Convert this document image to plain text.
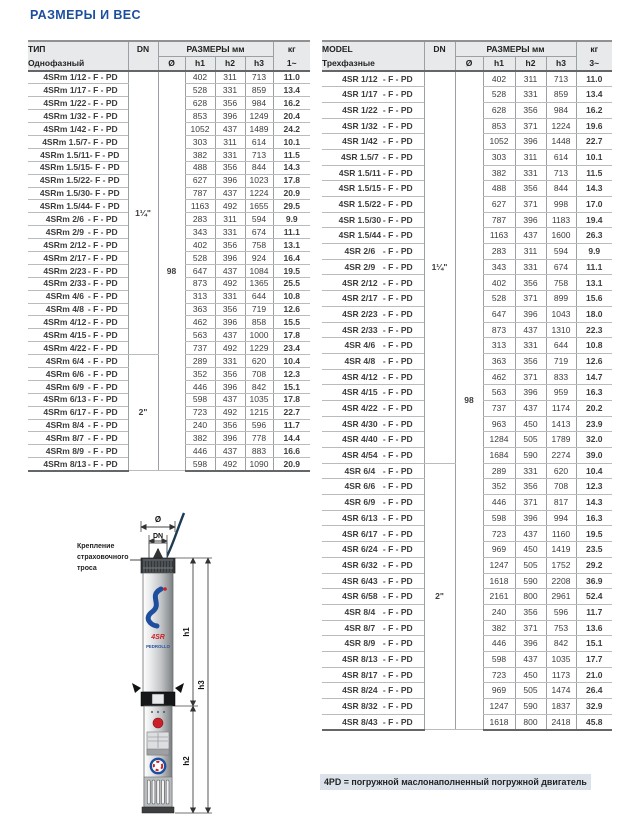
РАЗМЕРЫ И ВЕС
ТИП	DN	РАЗМЕРЫ мм				кг
Однофазный		Ø	h1	h2	h3	1~
4SRm 1/12 - F - PD	1¼"	98	402	311	713	11.0
4SRm 1/17 - F - PD			528	331	859	13.4
4SRm 1/22 - F - PD			628	356	984	16.2
4SRm 1/32 - F - PD			853	396	1249	20.4
4SRm 1/42 - F - PD			1052	437	1489	24.2
4SRm 1.5/7- F - PD			303	311	614	10.1
4SRm 1.5/11- F - PD			382	331	713	11.5
4SRm 1.5/15- F - PD			488	356	844	14.3
4SRm 1.5/22- F - PD			627	396	1023	17.8
4SRm 1.5/30- F - PD			787	437	1224	20.9
4SRm 1.5/44- F - PD			1163	492	1655	29.5
4SRm 2/6 - F - PD			283	311	594	9.9
4SRm 2/9 - F - PD			343	331	674	11.1
4SRm 2/12 - F - PD			402	356	758	13.1
4SRm 2/17 - F - PD			528	396	924	16.4
4SRm 2/23 - F - PD			647	437	1084	19.5
4SRm 2/33 - F - PD			873	492	1365	25.5
4SRm 4/6 - F - PD			313	331	644	10.8
4SRm 4/8 - F - PD			363	356	719	12.6
4SRm 4/12 - F - PD			462	396	858	15.5
4SRm 4/15 - F - PD			563	437	1000	17.8
4SRm 4/22 - F - PD			737	492	1229	23.4
4SRm 6/4 - F - PD	2"		289	331	620	10.4
4SRm 6/6 - F - PD			352	356	708	12.3
4SRm 6/9 - F - PD			446	396	842	15.1
4SRm 6/13 - F - PD			598	437	1035	17.8
4SRm 6/17 - F - PD			723	492	1215	22.7
4SRm 8/4 - F - PD			240	356	596	11.7
4SRm 8/7 - F - PD			382	396	778	14.4
4SRm 8/9 - F - PD			446	437	883	16.6
4SRm 8/13 - F - PD			598	492	1090	20.9
MODEL	DN	РАЗМЕРЫ мм				кг
Трехфазные		Ø	h1	h2	h3	3~
4SR 1/12 - F - PD	1¼"	98	402	311	713	11.0
4SR 1/17 - F - PD			528	331	859	13.4
4SR 1/22 - F - PD			628	356	984	16.2
4SR 1/32 - F - PD			853	371	1224	19.6
4SR 1/42 - F - PD			1052	396	1448	22.7
4SR 1.5/7 - F - PD			303	311	614	10.1
4SR 1.5/11 - F - PD			382	331	713	11.5
4SR 1.5/15 - F - PD			488	356	844	14.3
4SR 1.5/22 - F - PD			627	371	998	17.0
4SR 1.5/30 - F - PD			787	396	1183	19.4
4SR 1.5/44 - F - PD			1163	437	1600	26.3
4SR 2/6 - F - PD			283	311	594	9.9
4SR 2/9 - F - PD			343	331	674	11.1
4SR 2/12 - F - PD			402	356	758	13.1
4SR 2/17 - F - PD			528	371	899	15.6
4SR 2/23 - F - PD			647	396	1043	18.0
4SR 2/33 - F - PD			873	437	1310	22.3
4SR 4/6 - F - PD			313	331	644	10.8
4SR 4/8 - F - PD			363	356	719	12.6
4SR 4/12 - F - PD			462	371	833	14.7
4SR 4/15 - F - PD			563	396	959	16.3
4SR 4/22 - F - PD			737	437	1174	20.2
4SR 4/30 - F - PD			963	450	1413	23.9
4SR 4/40 - F - PD			1284	505	1789	32.0
4SR 4/54 - F - PD			1684	590	2274	39.0
4SR 6/4 - F - PD	2"		289	331	620	10.4
4SR 6/6 - F - PD			352	356	708	12.3
4SR 6/9 - F - PD			446	371	817	14.3
4SR 6/13 - F - PD			598	396	994	16.3
4SR 6/17 - F - PD			723	437	1160	19.5
4SR 6/24 - F - PD			969	450	1419	23.5
4SR 6/32 - F - PD			1247	505	1752	29.2
4SR 6/43 - F - PD			1618	590	2208	36.9
4SR 6/58 - F - PD			2161	800	2961	52.4
4SR 8/4 - F - PD			240	356	596	11.7
4SR 8/7 - F - PD			382	371	753	13.6
4SR 8/9 - F - PD			446	396	842	15.1
4SR 8/13 - F - PD			598	437	1035	17.7
4SR 8/17 - F - PD			723	450	1173	21.0
4SR 8/24 - F - PD			969	505	1474	26.4
4SR 8/32 - F - PD			1247	590	1837	32.9
4SR 8/43 - F - PD			1618	800	2418	45.8
Крепление
страховочного
троса
Ø
DN
4SR
PEDROLLO
h1
h2
h3
4PD = погружной маслонаполненный погружной двигатель
